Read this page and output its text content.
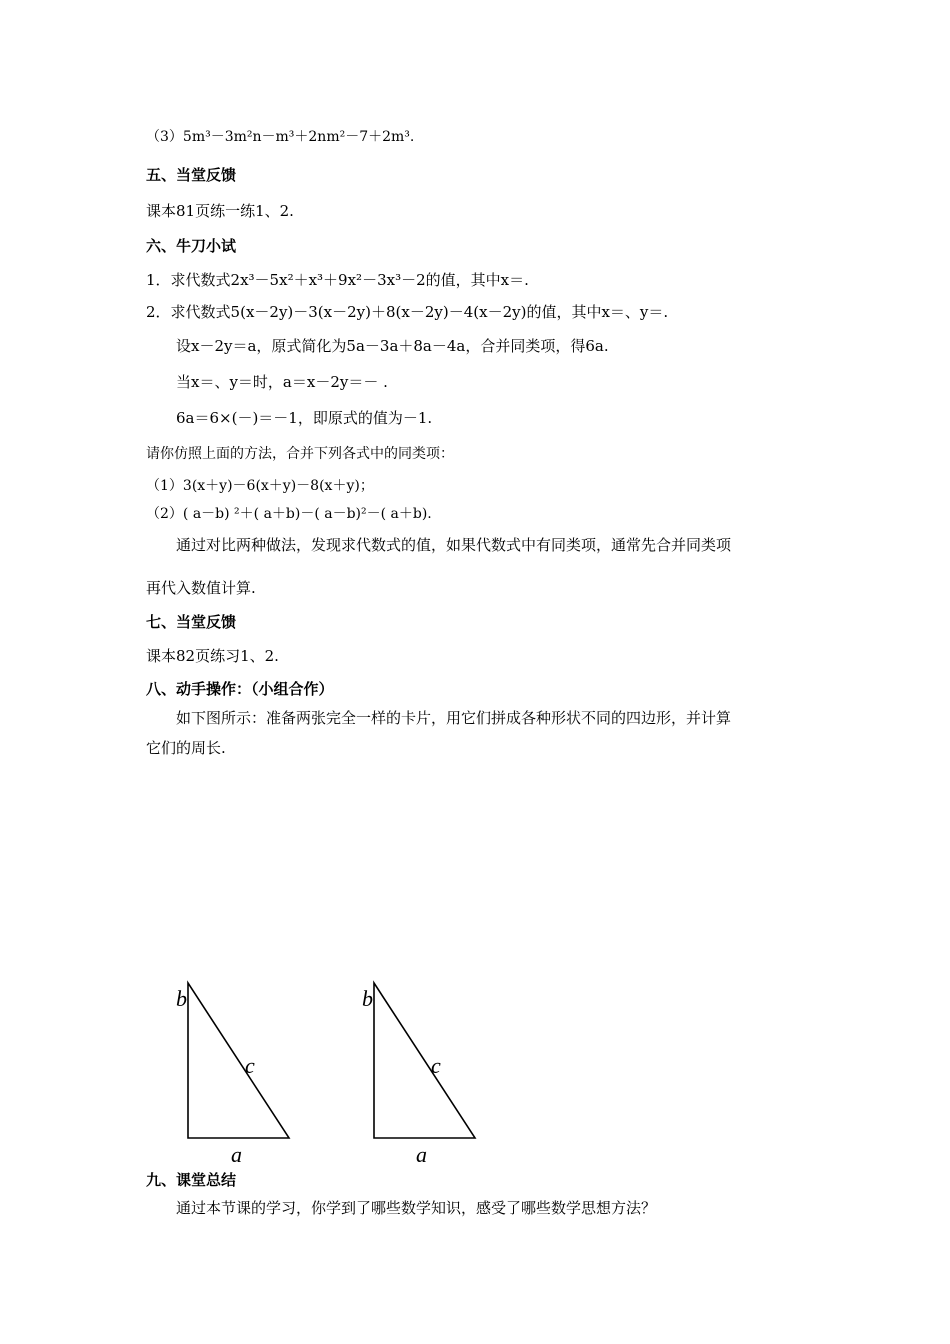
（3）5m³－3m²n－m³＋2nm²－7＋2m³.
五、当堂反馈
课本81页练一练1、2.
六、牛刀小试
1．求代数式2x³－5x²＋x³＋9x²－3x³－2的值，其中x＝.
2．求代数式5(x－2y)－3(x－2y)＋8(x－2y)－4(x－2y)的值，其中x＝、y＝.
设x－2y＝a，原式简化为5a－3a＋8a－4a，合并同类项，得6a.
当x＝、y＝时，a＝x－2y＝－ .
6a＝6×(－)＝－1，即原式的值为－1.
请你仿照上面的方法，合并下列各式中的同类项：
（1）3(x＋y)－6(x＋y)－8(x＋y)；
（2）( a－b) ²＋( a＋b)－( a－b)²－( a＋b).
通过对比两种做法，发现求代数式的值，如果代数式中有同类项，通常先合并同类项
再代入数值计算.
七、当堂反馈
课本82页练习1、2.
八、动手操作：（小组合作）
如下图所示：准备两张完全一样的卡片，用它们拼成各种形状不同的四边形，并计算
它们的周长.
b
c
a
b
c
a
九、课堂总结
通过本节课的学习，你学到了哪些数学知识，感受了哪些数学思想方法？
